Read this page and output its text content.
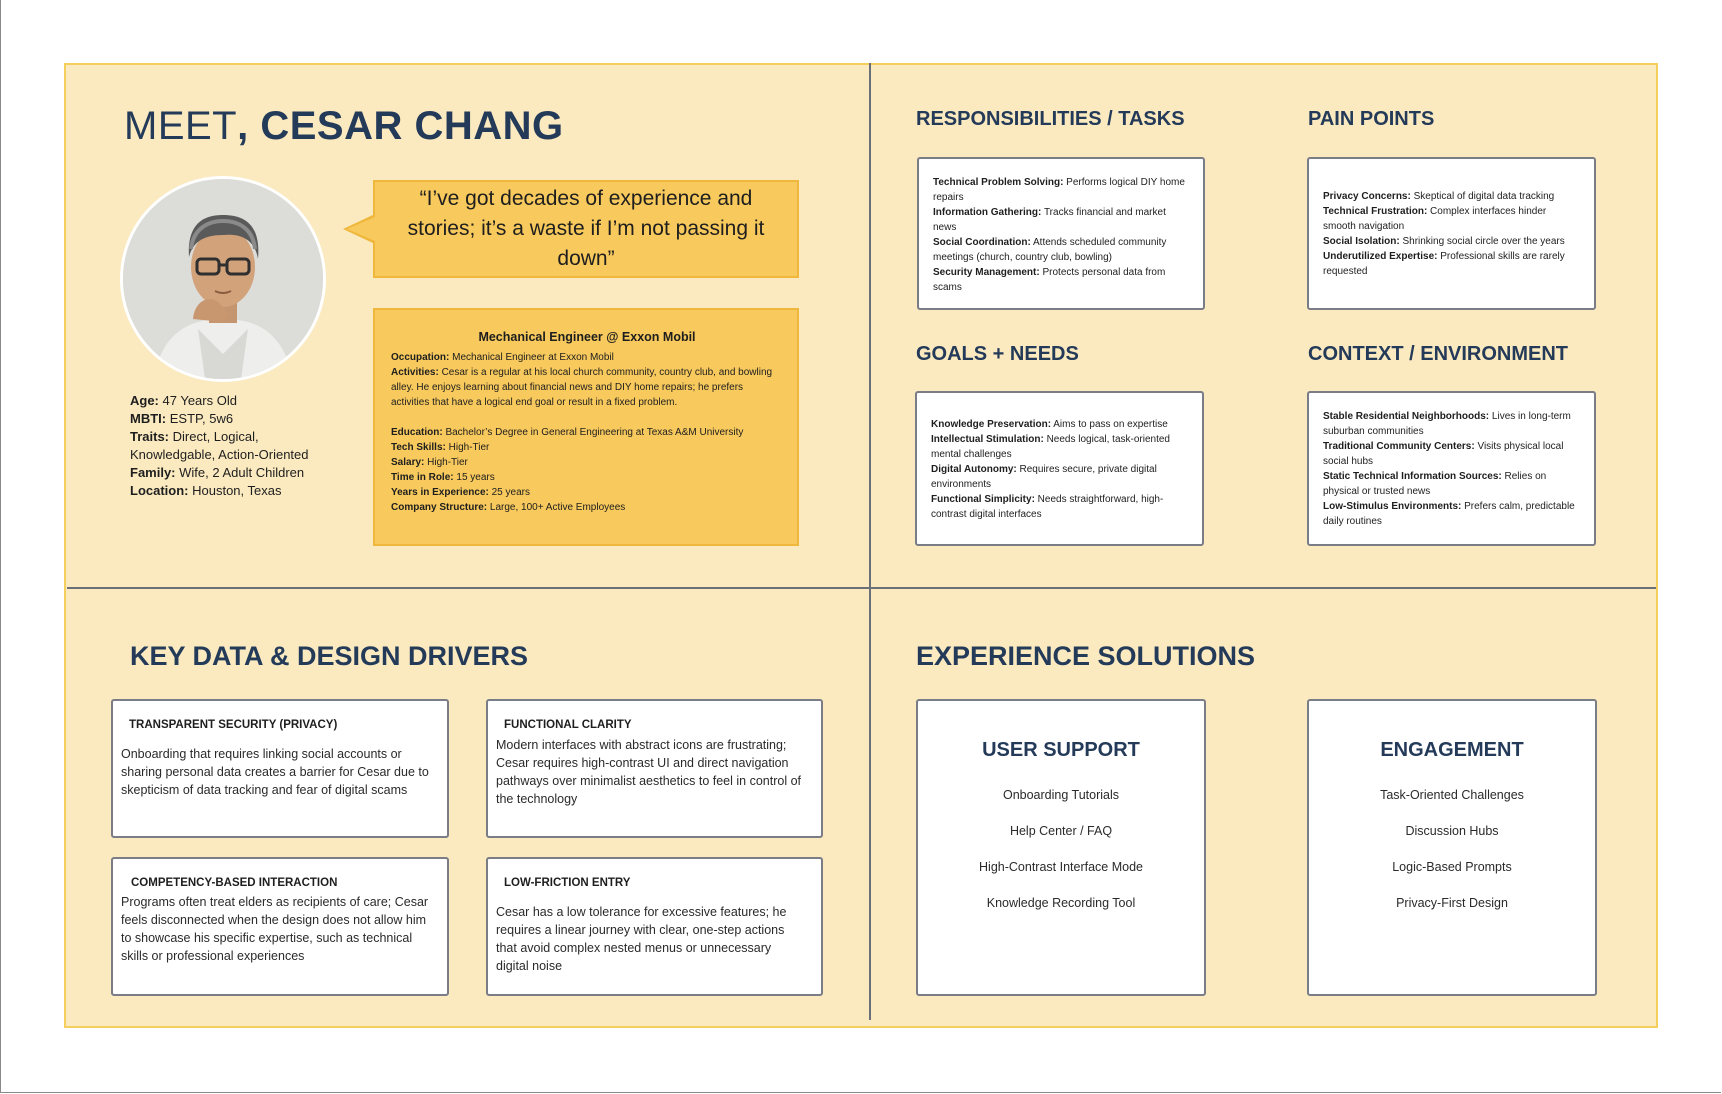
MEET, CESAR CHANG
“I’ve got decades of experience and stories; it’s a waste if I’m not passing it down”
Age: 47 Years Old
MBTI: ESTP, 5w6
Traits: Direct, Logical, Knowledgable, Action-Oriented
Family: Wife, 2 Adult Children
Location: Houston, Texas
Mechanical Engineer @ Exxon Mobil
Occupation: Mechanical Engineer at Exxon Mobil
Activities: Cesar is a regular at his local church community, country club, and bowling alley. He enjoys learning about financial news and DIY home repairs; he prefers activities that have a logical end goal or result in a fixed problem.
Education: Bachelor’s Degree in General Engineering at Texas A&M University
Tech Skills: High-Tier
Salary: High-Tier
Time in Role: 15 years
Years in Experience: 25 years
Company Structure: Large, 100+ Active Employees
RESPONSIBILITIES / TASKS
Technical Problem Solving: Performs logical DIY home repairs
Information Gathering: Tracks financial and market news
Social Coordination: Attends scheduled community meetings (church, country club, bowling)
Security Management: Protects personal data from scams
PAIN POINTS
Privacy Concerns: Skeptical of digital data tracking
Technical Frustration: Complex interfaces hinder smooth navigation
Social Isolation: Shrinking social circle over the years
Underutilized Expertise: Professional skills are rarely requested
GOALS + NEEDS
Knowledge Preservation: Aims to pass on expertise
Intellectual Stimulation: Needs logical, task-oriented mental challenges
Digital Autonomy: Requires secure, private digital environments
Functional Simplicity: Needs straightforward, high-contrast digital interfaces
CONTEXT / ENVIRONMENT
Stable Residential Neighborhoods: Lives in long-term suburban communities
Traditional Community Centers: Visits physical local social hubs
Static Technical Information Sources: Relies on physical or trusted news
Low-Stimulus Environments: Prefers calm, predictable daily routines
KEY DATA & DESIGN DRIVERS
TRANSPARENT SECURITY (PRIVACY)
Onboarding that requires linking social accounts or sharing personal data creates a barrier for Cesar due to skepticism of data tracking and fear of digital scams
FUNCTIONAL CLARITY
Modern interfaces with abstract icons are frustrating; Cesar requires high-contrast UI and direct navigation pathways over minimalist aesthetics to feel in control of the technology
COMPETENCY-BASED INTERACTION
Programs often treat elders as recipients of care; Cesar feels disconnected when the design does not allow him to showcase his specific expertise, such as technical skills or professional experiences
LOW-FRICTION ENTRY
Cesar has a low tolerance for excessive features; he requires a linear journey with clear, one-step actions that avoid complex nested menus or unnecessary digital noise
EXPERIENCE SOLUTIONS
USER SUPPORT
Onboarding Tutorials
Help Center / FAQ
High-Contrast Interface Mode
Knowledge Recording Tool
ENGAGEMENT
Task-Oriented Challenges
Discussion Hubs
Logic-Based Prompts
Privacy-First Design
